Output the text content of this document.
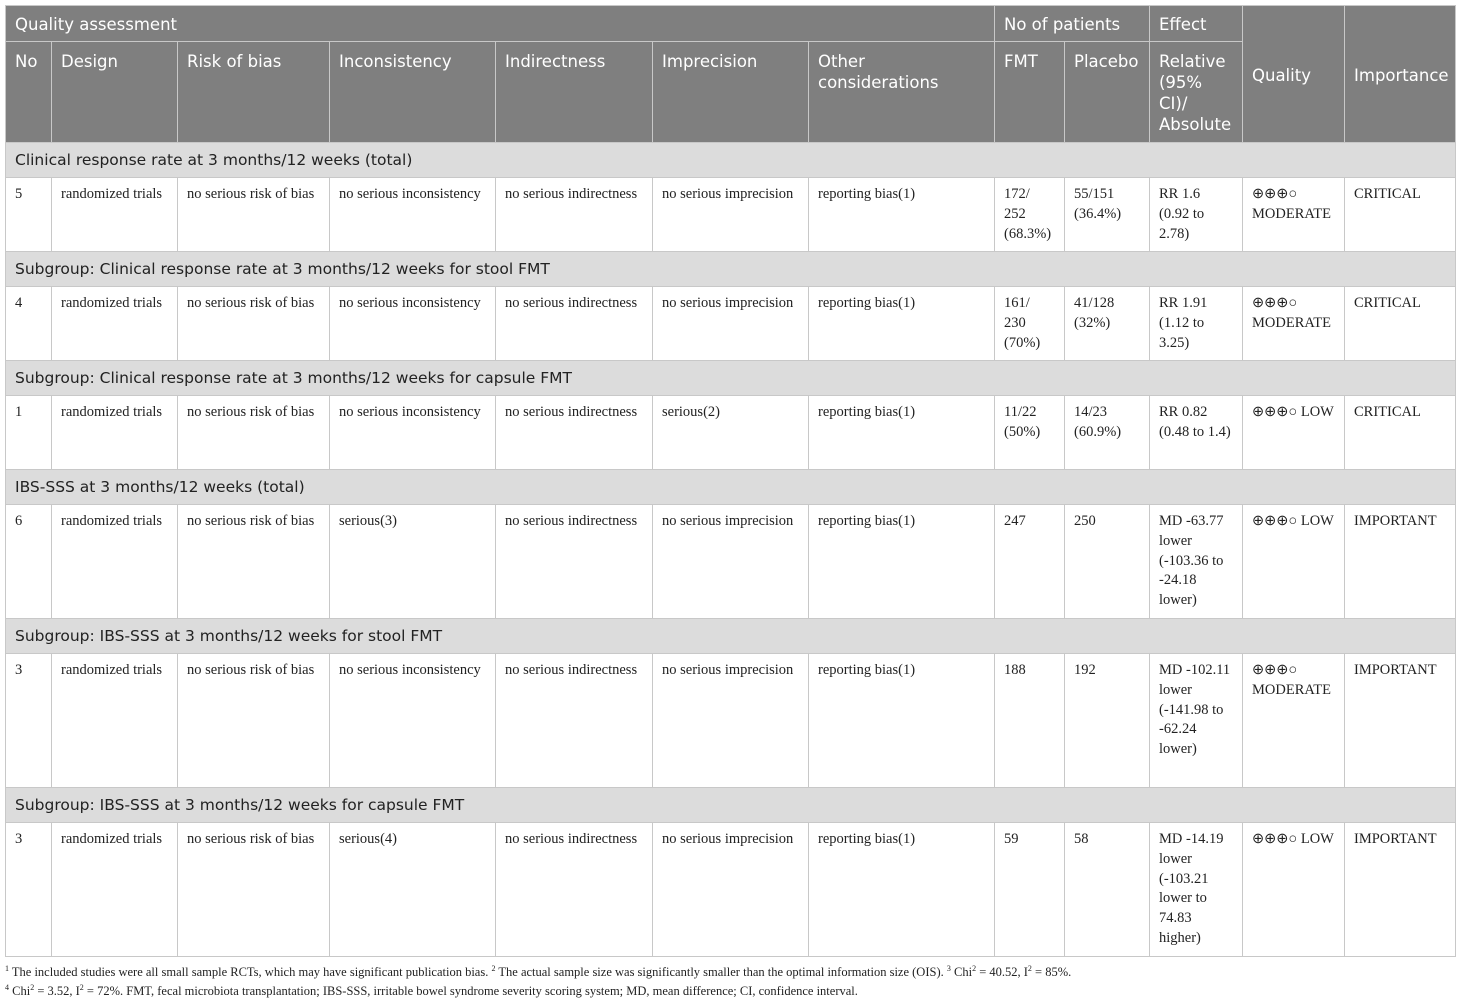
Quality assessment							No of patients		Effect	Quality	Importance
No	Design	Risk of bias	Inconsistency	Indirectness	Imprecision	Other considerations	FMT	Placebo	Relative (95% CI)/ Absolute		
Clinical response rate at 3 months/12 weeks (total)											
5	randomized trials	no serious risk of bias	no serious inconsistency	no serious indirectness	no serious imprecision	reporting bias(1)	172/ 252 (68.3%)	55/151 (36.4%)	RR 1.6 (0.92 to 2.78)	⊕⊕⊕○ MODERATE	CRITICAL
Subgroup: Clinical response rate at 3 months/12 weeks for stool FMT											
4	randomized trials	no serious risk of bias	no serious inconsistency	no serious indirectness	no serious imprecision	reporting bias(1)	161/ 230 (70%)	41/128 (32%)	RR 1.91 (1.12 to 3.25)	⊕⊕⊕○ MODERATE	CRITICAL
Subgroup: Clinical response rate at 3 months/12 weeks for capsule FMT											
1	randomized trials	no serious risk of bias	no serious inconsistency	no serious indirectness	serious(2)	reporting bias(1)	11/22 (50%)	14/23 (60.9%)	RR 0.82 (0.48 to 1.4)	⊕⊕⊕○ LOW	CRITICAL
IBS-SSS at 3 months/12 weeks (total)											
6	randomized trials	no serious risk of bias	serious(3)	no serious indirectness	no serious imprecision	reporting bias(1)	247	250	MD -63.77 lower (-103.36 to -24.18 lower)	⊕⊕⊕○ LOW	IMPORTANT
Subgroup: IBS-SSS at 3 months/12 weeks for stool FMT											
3	randomized trials	no serious risk of bias	no serious inconsistency	no serious indirectness	no serious imprecision	reporting bias(1)	188	192	MD -102.11 lower (-141.98 to -62.24 lower)	⊕⊕⊕○ MODERATE	IMPORTANT
Subgroup: IBS-SSS at 3 months/12 weeks for capsule FMT											
3	randomized trials	no serious risk of bias	serious(4)	no serious indirectness	no serious imprecision	reporting bias(1)	59	58	MD -14.19 lower (-103.21 lower to 74.83 higher)	⊕⊕⊕○ LOW	IMPORTANT
$^1$ The included studies were all small sample RCTs, which may have significant publication bias. $^2$ The actual sample size was significantly smaller than the optimal information size (OIS). $^3$ Chi$^2$ = 40.52, $I^2 = 85\%$.
$^4$ Chi$^2$ = 3.52, $I^2 = 72\%$. FMT, fecal microbiota transplantation; IBS-SSS, irritable bowel syndrome severity scoring system; MD, mean difference; CI, confidence interval.
